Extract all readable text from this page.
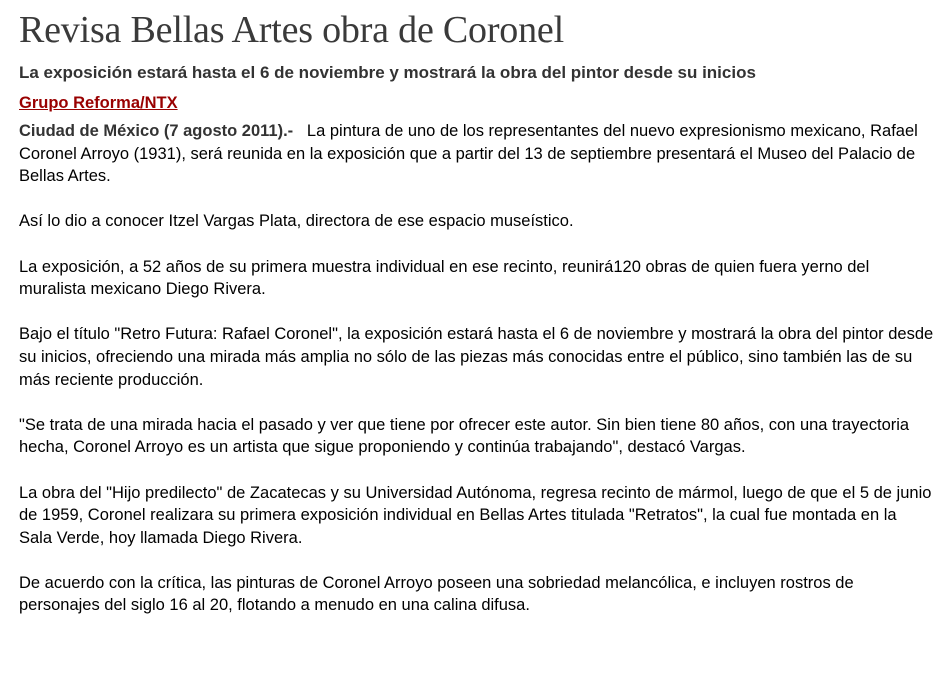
Revisa Bellas Artes obra de Coronel
La exposición estará hasta el 6 de noviembre y mostrará la obra del pintor desde su inicios
Grupo Reforma/NTX

Ciudad de México (7 agosto 2011).- La pintura de uno de los representantes del nuevo expresionismo mexicano, Rafael Coronel Arroyo (1931), será reunida en la exposición que a partir del 13 de septiembre presentará el Museo del Palacio de Bellas Artes.

Así lo dio a conocer Itzel Vargas Plata, directora de ese espacio museístico.

La exposición, a 52 años de su primera muestra individual en ese recinto, reunirá120 obras de quien fuera yerno del muralista mexicano Diego Rivera.

Bajo el título "Retro Futura: Rafael Coronel", la exposición estará hasta el 6 de noviembre y mostrará la obra del pintor desde su inicios, ofreciendo una mirada más amplia no sólo de las piezas más conocidas entre el público, sino también las de su más reciente producción.

"Se trata de una mirada hacia el pasado y ver que tiene por ofrecer este autor. Sin bien tiene 80 años, con una trayectoria hecha, Coronel Arroyo es un artista que sigue proponiendo y continúa trabajando", destacó Vargas.

La obra del "Hijo predilecto" de Zacatecas y su Universidad Autónoma, regresa recinto de mármol, luego de que el 5 de junio de 1959, Coronel realizara su primera exposición individual en Bellas Artes titulada "Retratos", la cual fue montada en la Sala Verde, hoy llamada Diego Rivera.

De acuerdo con la crítica, las pinturas de Coronel Arroyo poseen una sobriedad melancólica, e incluyen rostros de personajes del siglo 16 al 20, flotando a menudo en una calina difusa.
